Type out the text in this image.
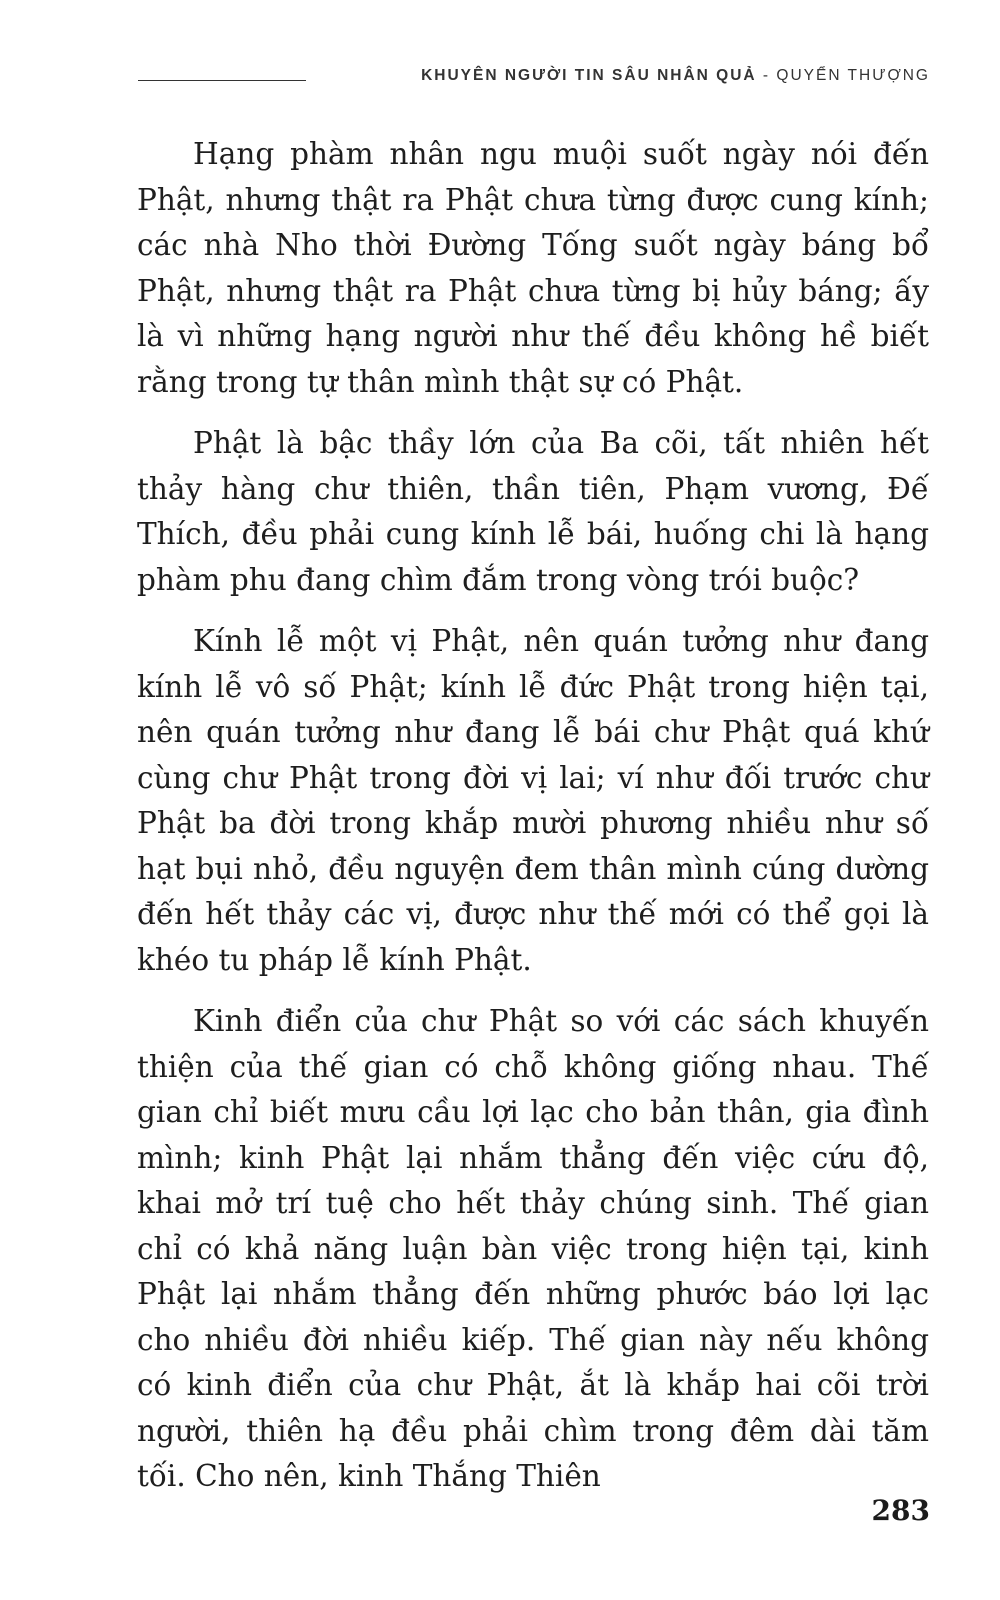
KHUYÊN NGƯỜI TIN SÂU NHÂN QUẢ - QUYỂN THƯỢNG

Hạng phàm nhân ngu muội suốt ngày nói đến Phật, nhưng thật ra Phật chưa từng được cung kính; các nhà Nho thời Đường Tống suốt ngày báng bổ Phật, nhưng thật ra Phật chưa từng bị hủy báng; ấy là vì những hạng người như thế đều không hề biết rằng trong tự thân mình thật sự có Phật.

Phật là bậc thầy lớn của Ba cõi, tất nhiên hết thảy hàng chư thiên, thần tiên, Phạm vương, Đế Thích, đều phải cung kính lễ bái, huống chi là hạng phàm phu đang chìm đắm trong vòng trói buộc?

Kính lễ một vị Phật, nên quán tưởng như đang kính lễ vô số Phật; kính lễ đức Phật trong hiện tại, nên quán tưởng như đang lễ bái chư Phật quá khứ cùng chư Phật trong đời vị lai; ví như đối trước chư Phật ba đời trong khắp mười phương nhiều như số hạt bụi nhỏ, đều nguyện đem thân mình cúng dường đến hết thảy các vị, được như thế mới có thể gọi là khéo tu pháp lễ kính Phật.

Kinh điển của chư Phật so với các sách khuyến thiện của thế gian có chỗ không giống nhau. Thế gian chỉ biết mưu cầu lợi lạc cho bản thân, gia đình mình; kinh Phật lại nhắm thẳng đến việc cứu độ, khai mở trí tuệ cho hết thảy chúng sinh. Thế gian chỉ có khả năng luận bàn việc trong hiện tại, kinh Phật lại nhắm thẳng đến những phước báo lợi lạc cho nhiều đời nhiều kiếp. Thế gian này nếu không có kinh điển của chư Phật, ắt là khắp hai cõi trời người, thiên hạ đều phải chìm trong đêm dài tăm tối. Cho nên, kinh Thắng Thiên

283
